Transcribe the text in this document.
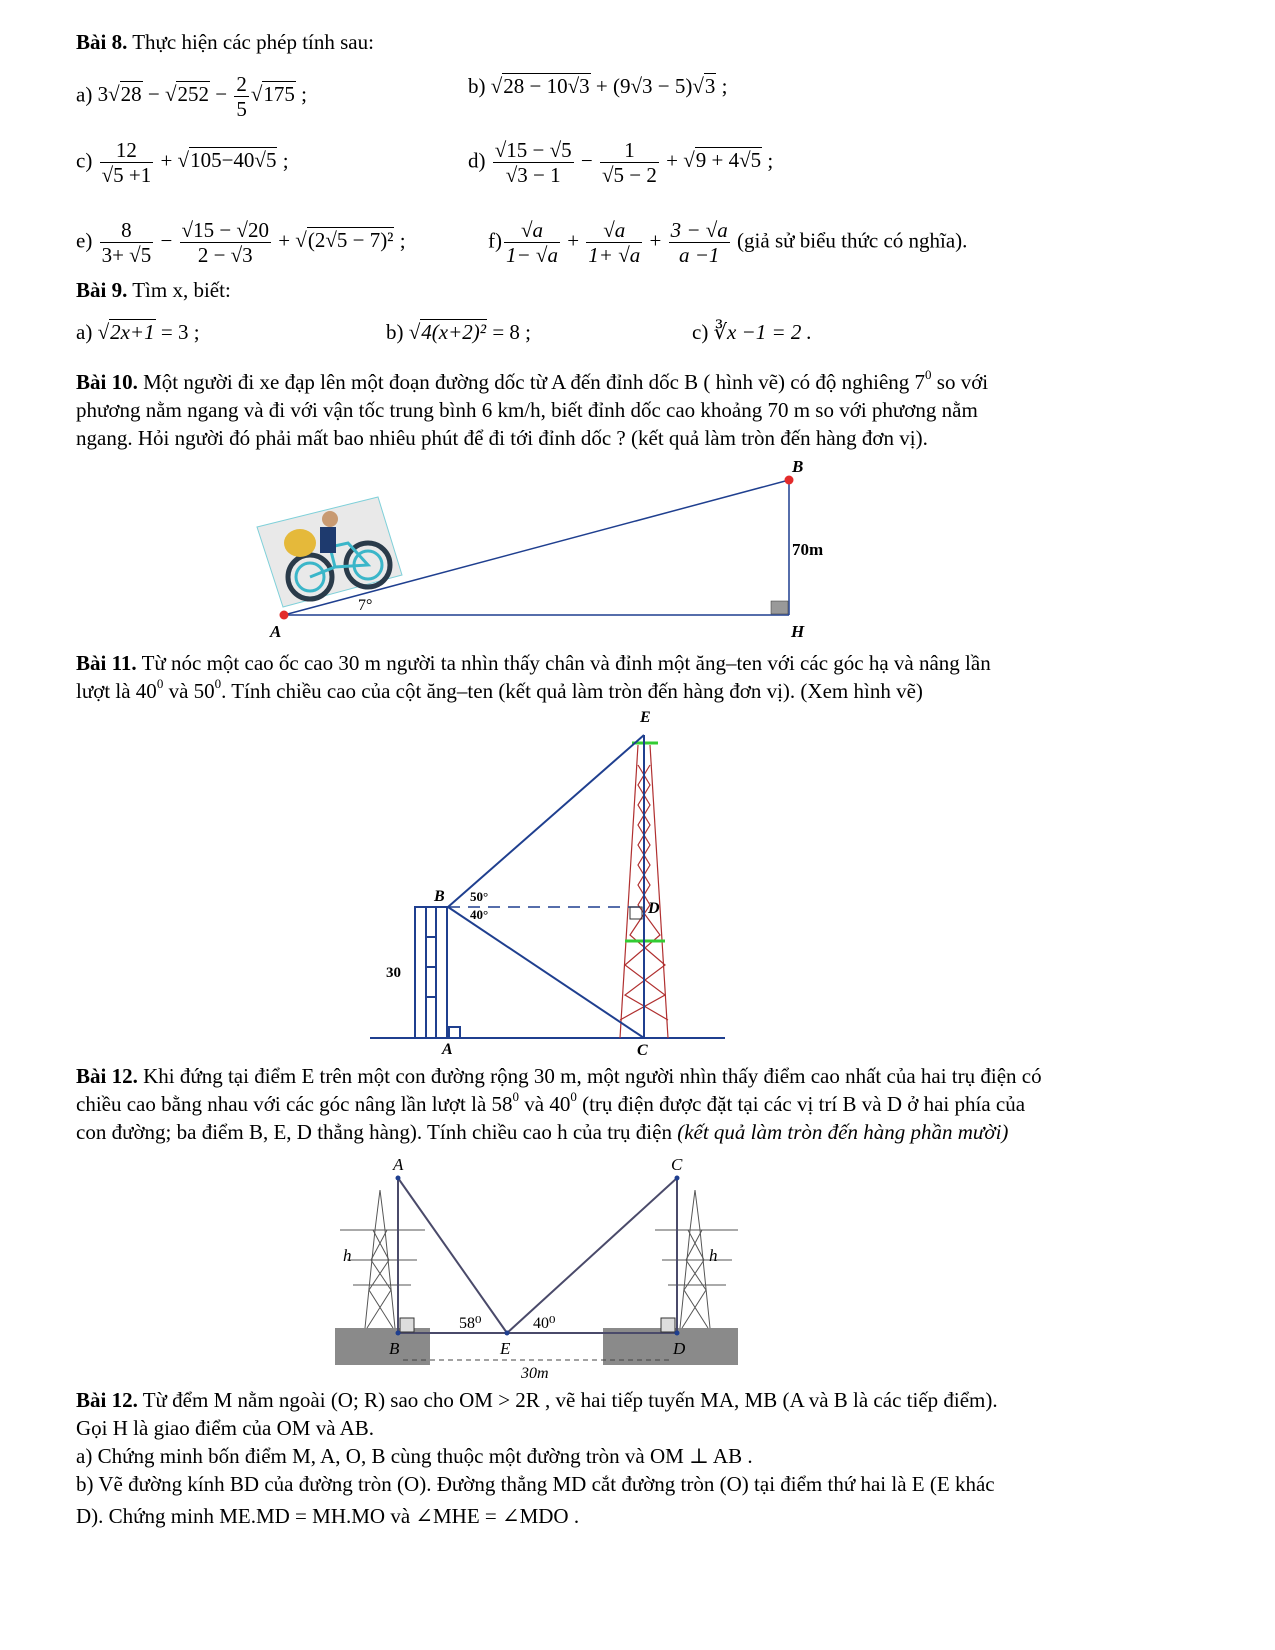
Bài 8. Thực hiện các phép tính sau:
a) 3 √ 28 − √ $252 - \frac{2}{5}$ √ 175 ;	b) √ 28 − 10√3 + (9√3 − 5) √ 3 ;
$c) \frac{12}{√5 +1}$ + √ 105−40√5 ;	$d) \frac{√15 - √5}{√3 - 1} - \frac{1}{√5 - 2}$ + √ 9 + 4√5 ;
$e) \frac{8}{3+ √5} - \frac{√15 - √20}{2 - √3}$ + √ (2√5 − 7)² ;	$f) \frac{√a}{1- √a} + \frac{√a}{1+ √a} + \frac{3 - √a}{a -1}$ (giả sử biểu thức có nghĩa).
Bài 9. Tìm x, biết:
a) √ 2x+1 = 3 ;	b) √ 4(x+2)² = 8 ;	c) ∛x −1 = 2 .
Bài 10. Một người đi xe đạp lên một đoạn đường dốc từ A đến đỉnh dốc B ( hình vẽ) có độ nghiêng $7^0$ so với
phương nằm ngang và đi với vận tốc trung bình 6 km/h, biết đỉnh dốc cao khoảng 70 m so với phương nằm
ngang. Hỏi người đó phải mất bao nhiêu phút để đi tới đỉnh dốc ? (kết quả làm tròn đến hàng đơn vị).
A
B
H
70m
7°
Bài 11. Từ nóc một cao ốc cao 30 m người ta nhìn thấy chân và đỉnh một ăng–ten với các góc hạ và nâng lần
lượt là $40^0$ và $50^0$. Tính chiều cao của cột ăng–ten (kết quả làm tròn đến hàng đơn vị). (Xem hình vẽ)
E
B
D
A	C
30
50°
40°
Bài 12. Khi đứng tại điểm E trên một con đường rộng 30 m, một người nhìn thấy điểm cao nhất của hai trụ điện có
chiều cao bằng nhau với các góc nâng lần lượt là $58^0$ và $40^0$ (trụ điện được đặt tại các vị trí B và D ở hai phía của
con đường; ba điểm B, E, D thẳng hàng). Tính chiều cao h của trụ điện (kết quả làm tròn đến hàng phần mười)
A	C
h	h
58⁰	40⁰
B	E	D
30m
Bài 12. Từ đểm M nằm ngoài (O; R) sao cho OM > 2R , vẽ hai tiếp tuyến MA, MB (A và B là các tiếp điểm).
Gọi H là giao điểm của OM và AB.
a) Chứng minh bốn điểm M, A, O, B cùng thuộc một đường tròn và OM ⊥ AB .
b) Vẽ đường kính BD của đường tròn (O). Đường thẳng MD cắt đường tròn (O) tại điểm thứ hai là E (E khác
D). Chứng minh ME.MD = MH.MO và ∠MHE = ∠MDO .
